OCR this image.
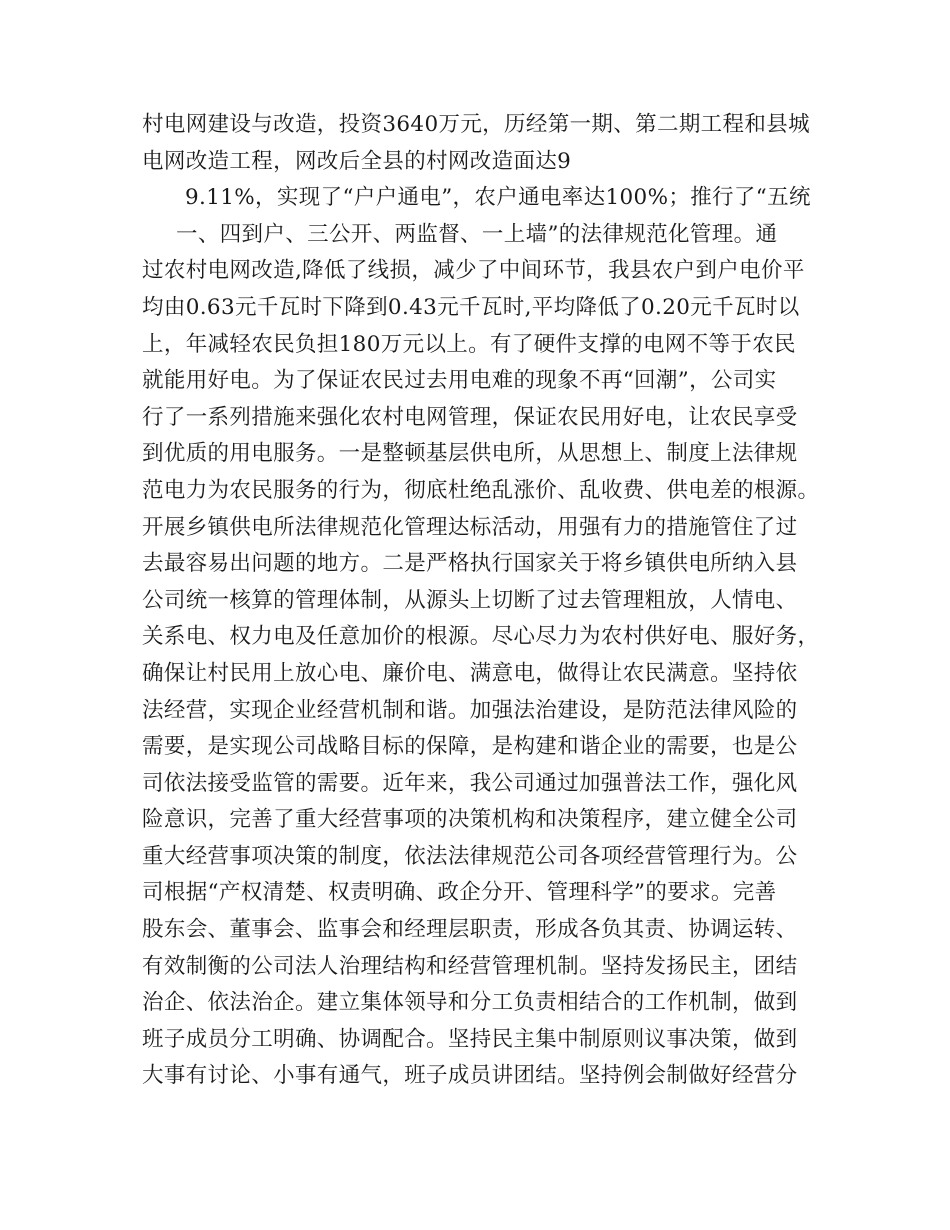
村电网建设与改造，投资3640万元，历经第一期、第二期工程和县城
电网改造工程，网改后全县的村网改造面达9
9.11%，实现了“户户通电”，农户通电率达100%；推行了“五统
一、四到户、三公开、两监督、一上墙”的法律规范化管理。通
过农村电网改造,降低了线损，减少了中间环节，我县农户到户电价平
均由0.63元千瓦时下降到0.43元千瓦时,平均降低了0.20元千瓦时以
上，年减轻农民负担180万元以上。有了硬件支撑的电网不等于农民
就能用好电。为了保证农民过去用电难的现象不再“回潮”，公司实
行了一系列措施来强化农村电网管理，保证农民用好电，让农民享受
到优质的用电服务。一是整顿基层供电所，从思想上、制度上法律规
范电力为农民服务的行为，彻底杜绝乱涨价、乱收费、供电差的根源。
开展乡镇供电所法律规范化管理达标活动，用强有力的措施管住了过
去最容易出问题的地方。二是严格执行国家关于将乡镇供电所纳入县
公司统一核算的管理体制，从源头上切断了过去管理粗放，人情电、
关系电、权力电及任意加价的根源。尽心尽力为农村供好电、服好务，
确保让村民用上放心电、廉价电、满意电，做得让农民满意。坚持依
法经营，实现企业经营机制和谐。加强法治建设，是防范法律风险的
需要，是实现公司战略目标的保障，是构建和谐企业的需要，也是公
司依法接受监管的需要。近年来，我公司通过加强普法工作，强化风
险意识，完善了重大经营事项的决策机构和决策程序，建立健全公司
重大经营事项决策的制度，依法法律规范公司各项经营管理行为。公
司根据“产权清楚、权责明确、政企分开、管理科学”的要求。完善
股东会、董事会、监事会和经理层职责，形成各负其责、协调运转、
有效制衡的公司法人治理结构和经营管理机制。坚持发扬民主，团结
治企、依法治企。建立集体领导和分工负责相结合的工作机制，做到
班子成员分工明确、协调配合。坚持民主集中制原则议事决策，做到
大事有讨论、小事有通气，班子成员讲团结。坚持例会制做好经营分
